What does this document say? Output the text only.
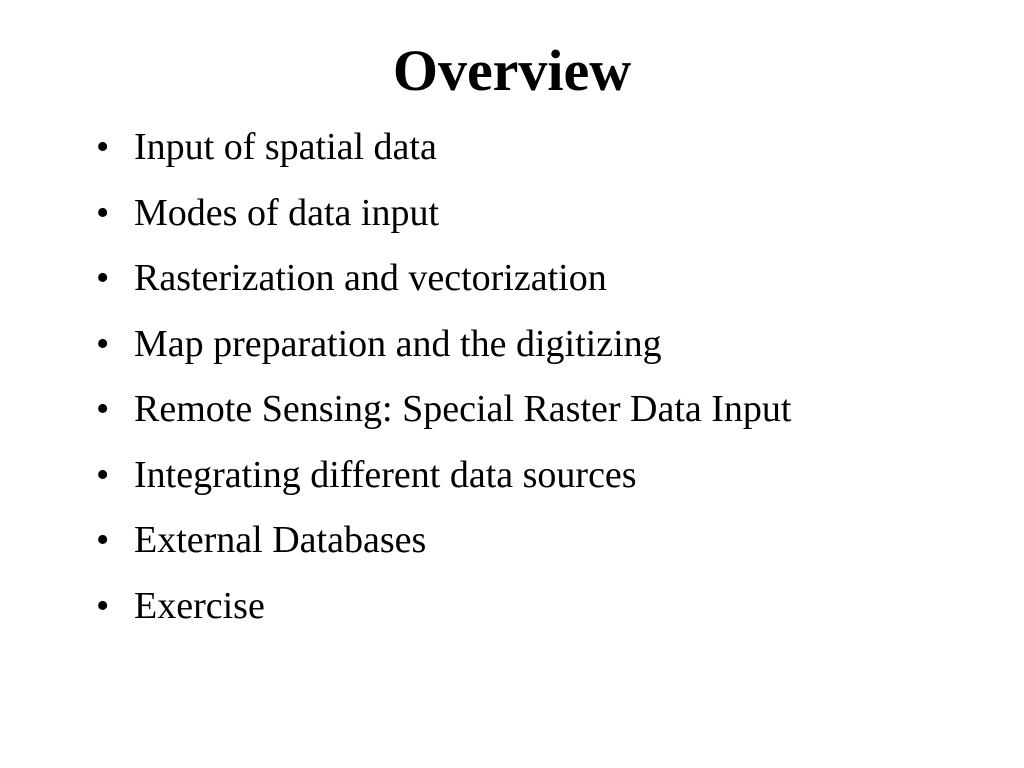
Overview
• Input of spatial data
• Modes of data input
• Rasterization and vectorization
• Map preparation and the digitizing
• Remote Sensing: Special Raster Data Input
• Integrating different data sources
• External Databases
• Exercise
